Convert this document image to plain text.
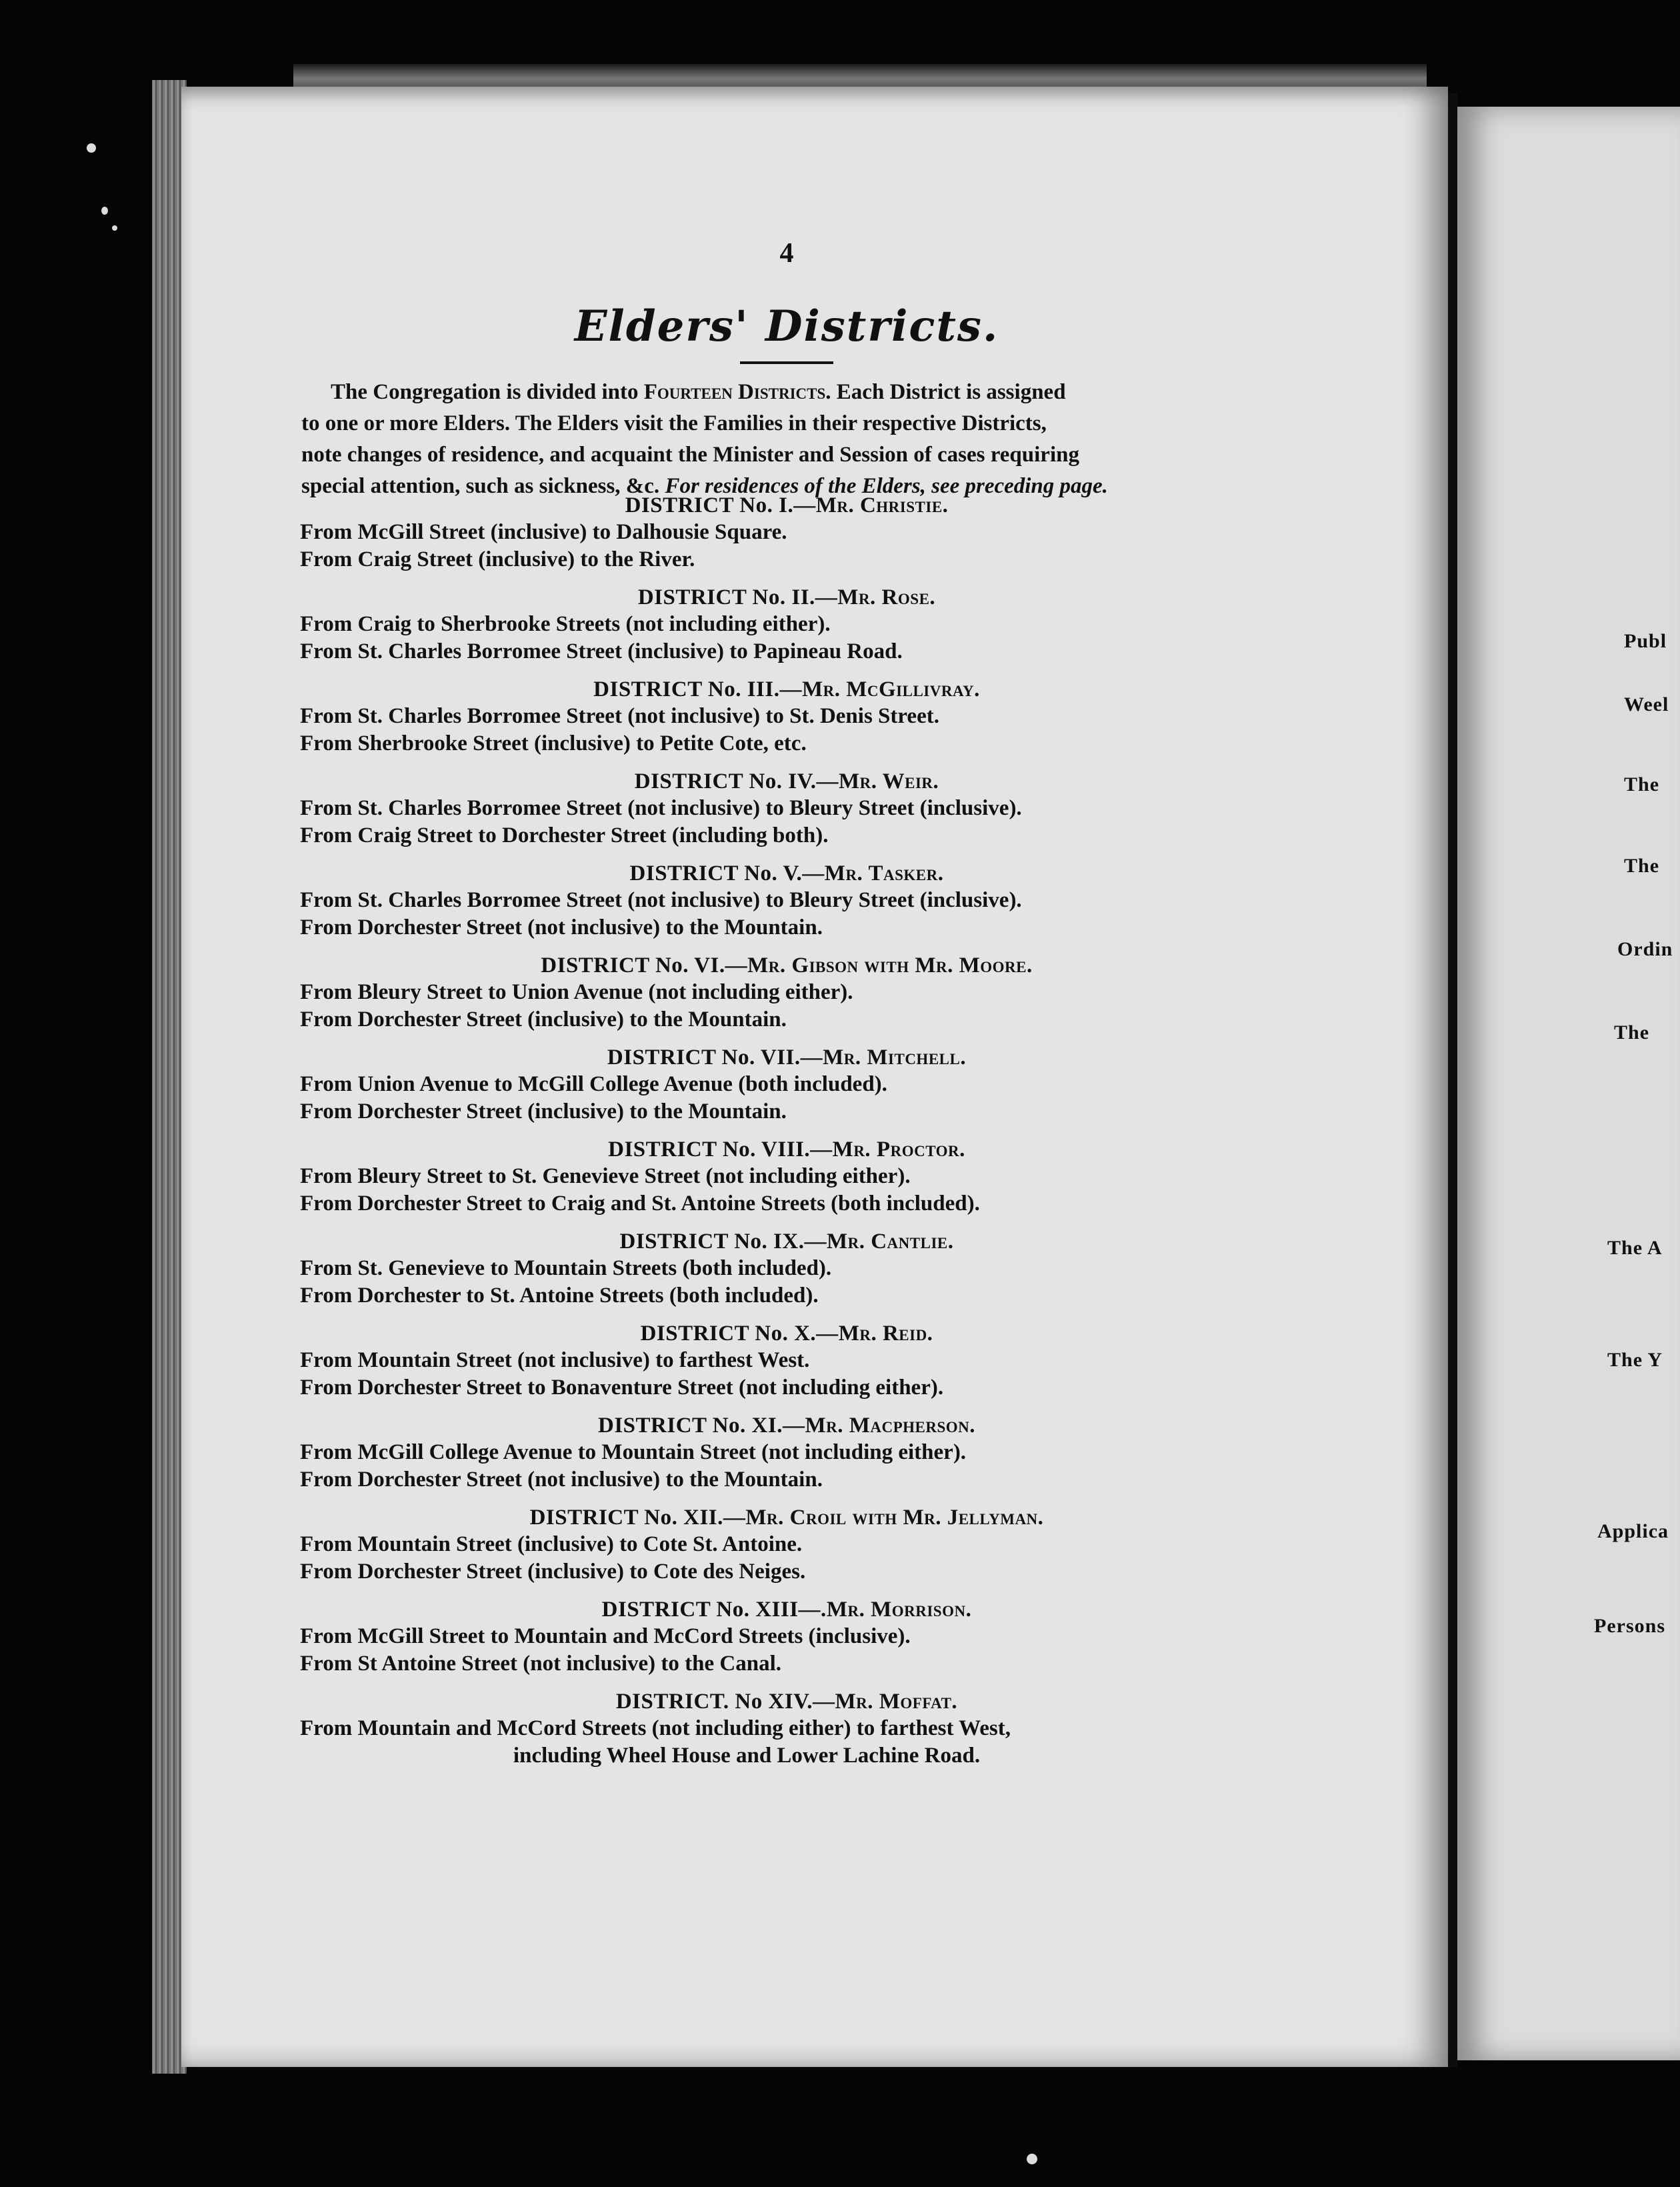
Publ
Weel
The
The
Ordin
The
The A
The Y
Applica
Persons
4
Elders' Districts.
The Congregation is divided into Fourteen Districts. Each District is assigned
to one or more Elders. The Elders visit the Families in their respective Districts,
note changes of residence, and acquaint the Minister and Session of cases requiring
special attention, such as sickness, &c. For residences of the Elders, see preceding page.
DISTRICT No. I.—Mr. Christie.
From McGill Street (inclusive) to Dalhousie Square.
From Craig Street (inclusive) to the River.
DISTRICT No. II.—Mr. Rose.
From Craig to Sherbrooke Streets (not including either).
From St. Charles Borromee Street (inclusive) to Papineau Road.
DISTRICT No. III.—Mr. McGillivray.
From St. Charles Borromee Street (not inclusive) to St. Denis Street.
From Sherbrooke Street (inclusive) to Petite Cote, etc.
DISTRICT No. IV.—Mr. Weir.
From St. Charles Borromee Street (not inclusive) to Bleury Street (inclusive).
From Craig Street to Dorchester Street (including both).
DISTRICT No. V.—Mr. Tasker.
From St. Charles Borromee Street (not inclusive) to Bleury Street (inclusive).
From Dorchester Street (not inclusive) to the Mountain.
DISTRICT No. VI.—Mr. Gibson with Mr. Moore.
From Bleury Street to Union Avenue (not including either).
From Dorchester Street (inclusive) to the Mountain.
DISTRICT No. VII.—Mr. Mitchell.
From Union Avenue to McGill College Avenue (both included).
From Dorchester Street (inclusive) to the Mountain.
DISTRICT No. VIII.—Mr. Proctor.
From Bleury Street to St. Genevieve Street (not including either).
From Dorchester Street to Craig and St. Antoine Streets (both included).
DISTRICT No. IX.—Mr. Cantlie.
From St. Genevieve to Mountain Streets (both included).
From Dorchester to St. Antoine Streets (both included).
DISTRICT No. X.—Mr. Reid.
From Mountain Street (not inclusive) to farthest West.
From Dorchester Street to Bonaventure Street (not including either).
DISTRICT No. XI.—Mr. Macpherson.
From McGill College Avenue to Mountain Street (not including either).
From Dorchester Street (not inclusive) to the Mountain.
DISTRICT No. XII.—Mr. Croil with Mr. Jellyman.
From Mountain Street (inclusive) to Cote St. Antoine.
From Dorchester Street (inclusive) to Cote des Neiges.
DISTRICT No. XIII—.Mr. Morrison.
From McGill Street to Mountain and McCord Streets (inclusive).
From St Antoine Street (not inclusive) to the Canal.
DISTRICT. No XIV.—Mr. Moffat.
From Mountain and McCord Streets (not including either) to farthest West,
including Wheel House and Lower Lachine Road.
